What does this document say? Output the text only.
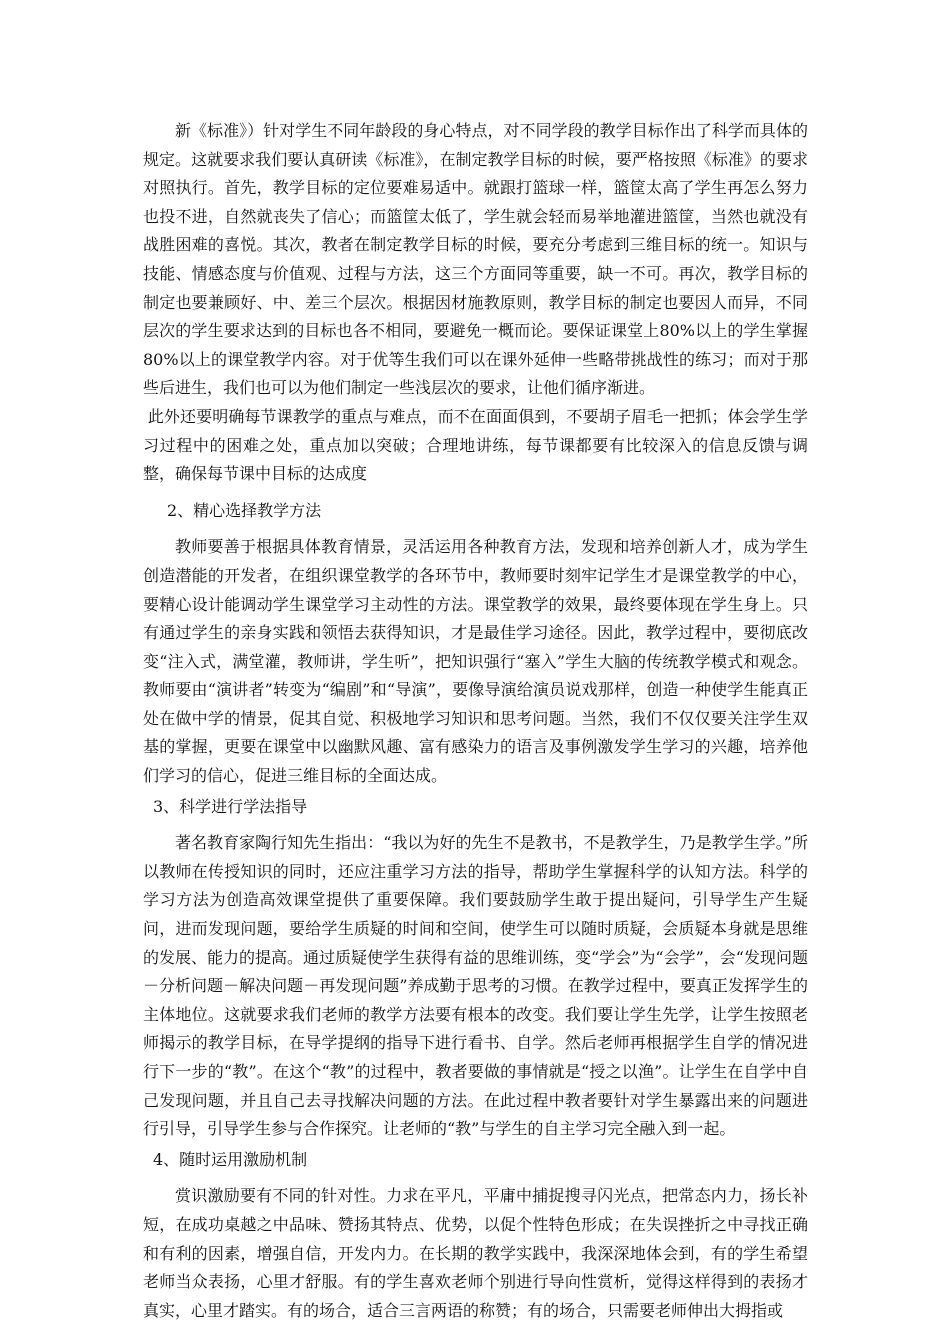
新《标准》）针对学生不同年龄段的身心特点，对不同学段的教学目标作出了科学而具体的规定。这就要求我们要认真研读《标准》，在制定教学目标的时候，要严格按照《标准》的要求对照执行。首先，教学目标的定位要难易适中。就跟打篮球一样，篮筐太高了学生再怎么努力也投不进，自然就丧失了信心；而篮筐太低了，学生就会轻而易举地灌进篮筐，当然也就没有战胜困难的喜悦。其次，教者在制定教学目标的时候，要充分考虑到三维目标的统一。知识与技能、情感态度与价值观、过程与方法，这三个方面同等重要，缺一不可。再次，教学目标的制定也要兼顾好、中、差三个层次。根据因材施教原则，教学目标的制定也要因人而异，不同层次的学生要求达到的目标也各不相同，要避免一概而论。要保证课堂上80%以上的学生掌握80%以上的课堂教学内容。对于优等生我们可以在课外延伸一些略带挑战性的练习；而对于那些后进生，我们也可以为他们制定一些浅层次的要求，让他们循序渐进。

此外还要明确每节课教学的重点与难点，而不在面面俱到，不要胡子眉毛一把抓；体会学生学习过程中的困难之处，重点加以突破；合理地讲练，每节课都要有比较深入的信息反馈与调整，确保每节课中目标的达成度

2、精心选择教学方法

教师要善于根据具体教育情景，灵活运用各种教育方法，发现和培养创新人才，成为学生创造潜能的开发者，在组织课堂教学的各环节中，教师要时刻牢记学生才是课堂教学的中心，要精心设计能调动学生课堂学习主动性的方法。课堂教学的效果，最终要体现在学生身上。只有通过学生的亲身实践和领悟去获得知识，才是最佳学习途径。因此，教学过程中，要彻底改变“注入式，满堂灌，教师讲，学生听”，把知识强行“塞入”学生大脑的传统教学模式和观念。教师要由“演讲者”转变为“编剧”和“导演”，要像导演给演员说戏那样，创造一种使学生能真正处在做中学的情景，促其自觉、积极地学习知识和思考问题。当然，我们不仅仅要关注学生双基的掌握，更要在课堂中以幽默风趣、富有感染力的语言及事例激发学生学习的兴趣，培养他们学习的信心，促进三维目标的全面达成。

3、科学进行学法指导

著名教育家陶行知先生指出：“我以为好的先生不是教书，不是教学生，乃是教学生学。”所以教师在传授知识的同时，还应注重学习方法的指导，帮助学生掌握科学的认知方法。科学的学习方法为创造高效课堂提供了重要保障。我们要鼓励学生敢于提出疑问，引导学生产生疑问，进而发现问题，要给学生质疑的时间和空间，使学生可以随时质疑，会质疑本身就是思维的发展、能力的提高。通过质疑使学生获得有益的思维训练，变“学会”为“会学”，会“发现问题－分析问题－解决问题－再发现问题”养成勤于思考的习惯。在教学过程中，要真正发挥学生的主体地位。这就要求我们老师的教学方法要有根本的改变。我们要让学生先学，让学生按照老师揭示的教学目标，在导学提纲的指导下进行看书、自学。然后老师再根据学生自学的情况进行下一步的“教”。在这个“教”的过程中，教者要做的事情就是“授之以渔”。让学生在自学中自己发现问题，并且自己去寻找解决问题的方法。在此过程中教者要针对学生暴露出来的问题进行引导，引导学生参与合作探究。让老师的“教”与学生的自主学习完全融入到一起。

4、随时运用激励机制

赏识激励要有不同的针对性。力求在平凡，平庸中捕捉搜寻闪光点，把常态内力，扬长补短，在成功桌越之中品味、赞扬其特点、优势，以促个性特色形成；在失误挫折之中寻找正确和有利的因素，增强自信，开发内力。在长期的教学实践中，我深深地体会到，有的学生希望老师当众表扬，心里才舒服。有的学生喜欢老师个别进行导向性赏析，觉得这样得到的表扬才真实，心里才踏实。有的场合，适合三言两语的称赞；有的场合，只需要老师伸出大拇指或
